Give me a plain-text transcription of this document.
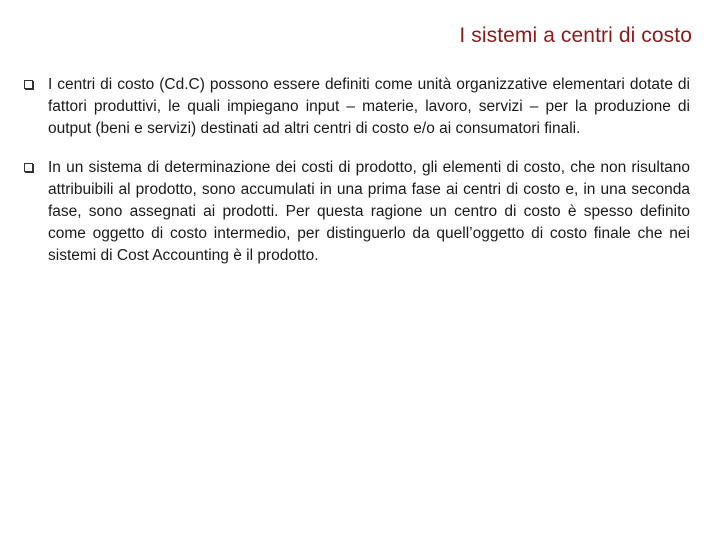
I sistemi a centri di costo
I centri di costo (Cd.C) possono essere definiti come unità organizzative elementari dotate di fattori produttivi, le quali impiegano input – materie, lavoro, servizi – per la produzione di output (beni e servizi) destinati ad altri centri di costo e/o ai consumatori finali.
In un sistema di determinazione dei costi di prodotto, gli elementi di costo, che non risultano attribuibili al prodotto, sono accumulati in una prima fase ai centri di costo e, in una seconda fase, sono assegnati ai prodotti. Per questa ragione un centro di costo è spesso definito come oggetto di costo intermedio, per distinguerlo da quell’oggetto di costo finale che nei sistemi di Cost Accounting è il prodotto.
